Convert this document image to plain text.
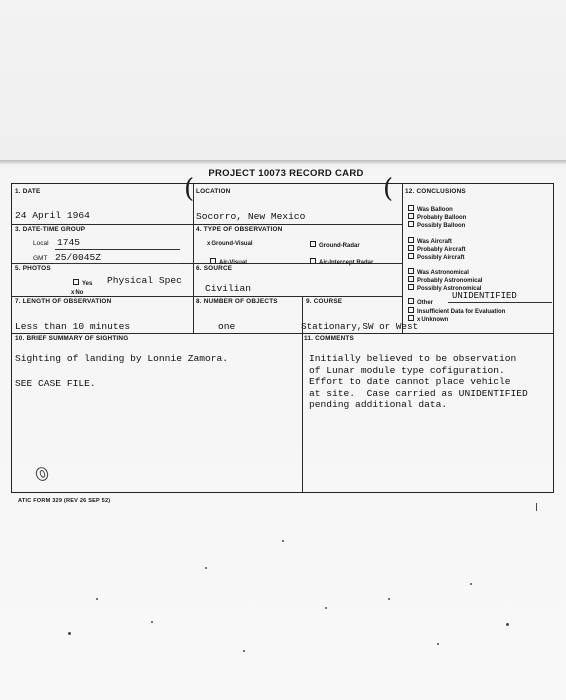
PROJECT 10073 RECORD CARD
(	(
1. DATE
24 April 1964
LOCATION
Socorro, New Mexico
12. CONCLUSIONS
3. DATE-TIME GROUP
Local 1745
GMT 25/0045Z
4. TYPE OF OBSERVATION
xGround-Visual	Ground-Radar
Air-Visual	Air-Intercept Radar
5. PHOTOS
Yes Physical Spec
xNo
6. SOURCE
Civilian
7. LENGTH OF OBSERVATION
Less than 10 minutes
8. NUMBER OF OBJECTS
one
9. COURSE
Stationary,SW or West
Was Balloon
Probably Balloon
Possibly Balloon
Was Aircraft
Probably Aircraft
Possibly Aircraft
Was Astronomical
Probably Astronomical
Possibly Astronomical
Other
UNIDENTIFIED
Insufficient Data for Evaluation
xUnknown
10. BRIEF SUMMARY OF SIGHTING
Sighting of landing by Lonnie Zamora.
SEE CASE FILE.
11. COMMENTS
Initially believed to be observation
of Lunar module type cofiguration.
Effort to date cannot place vehicle
at site.  Case carried as UNIDENTIFIED
pending additional data.
ATIC FORM 329 (REV 26 SEP 52)
